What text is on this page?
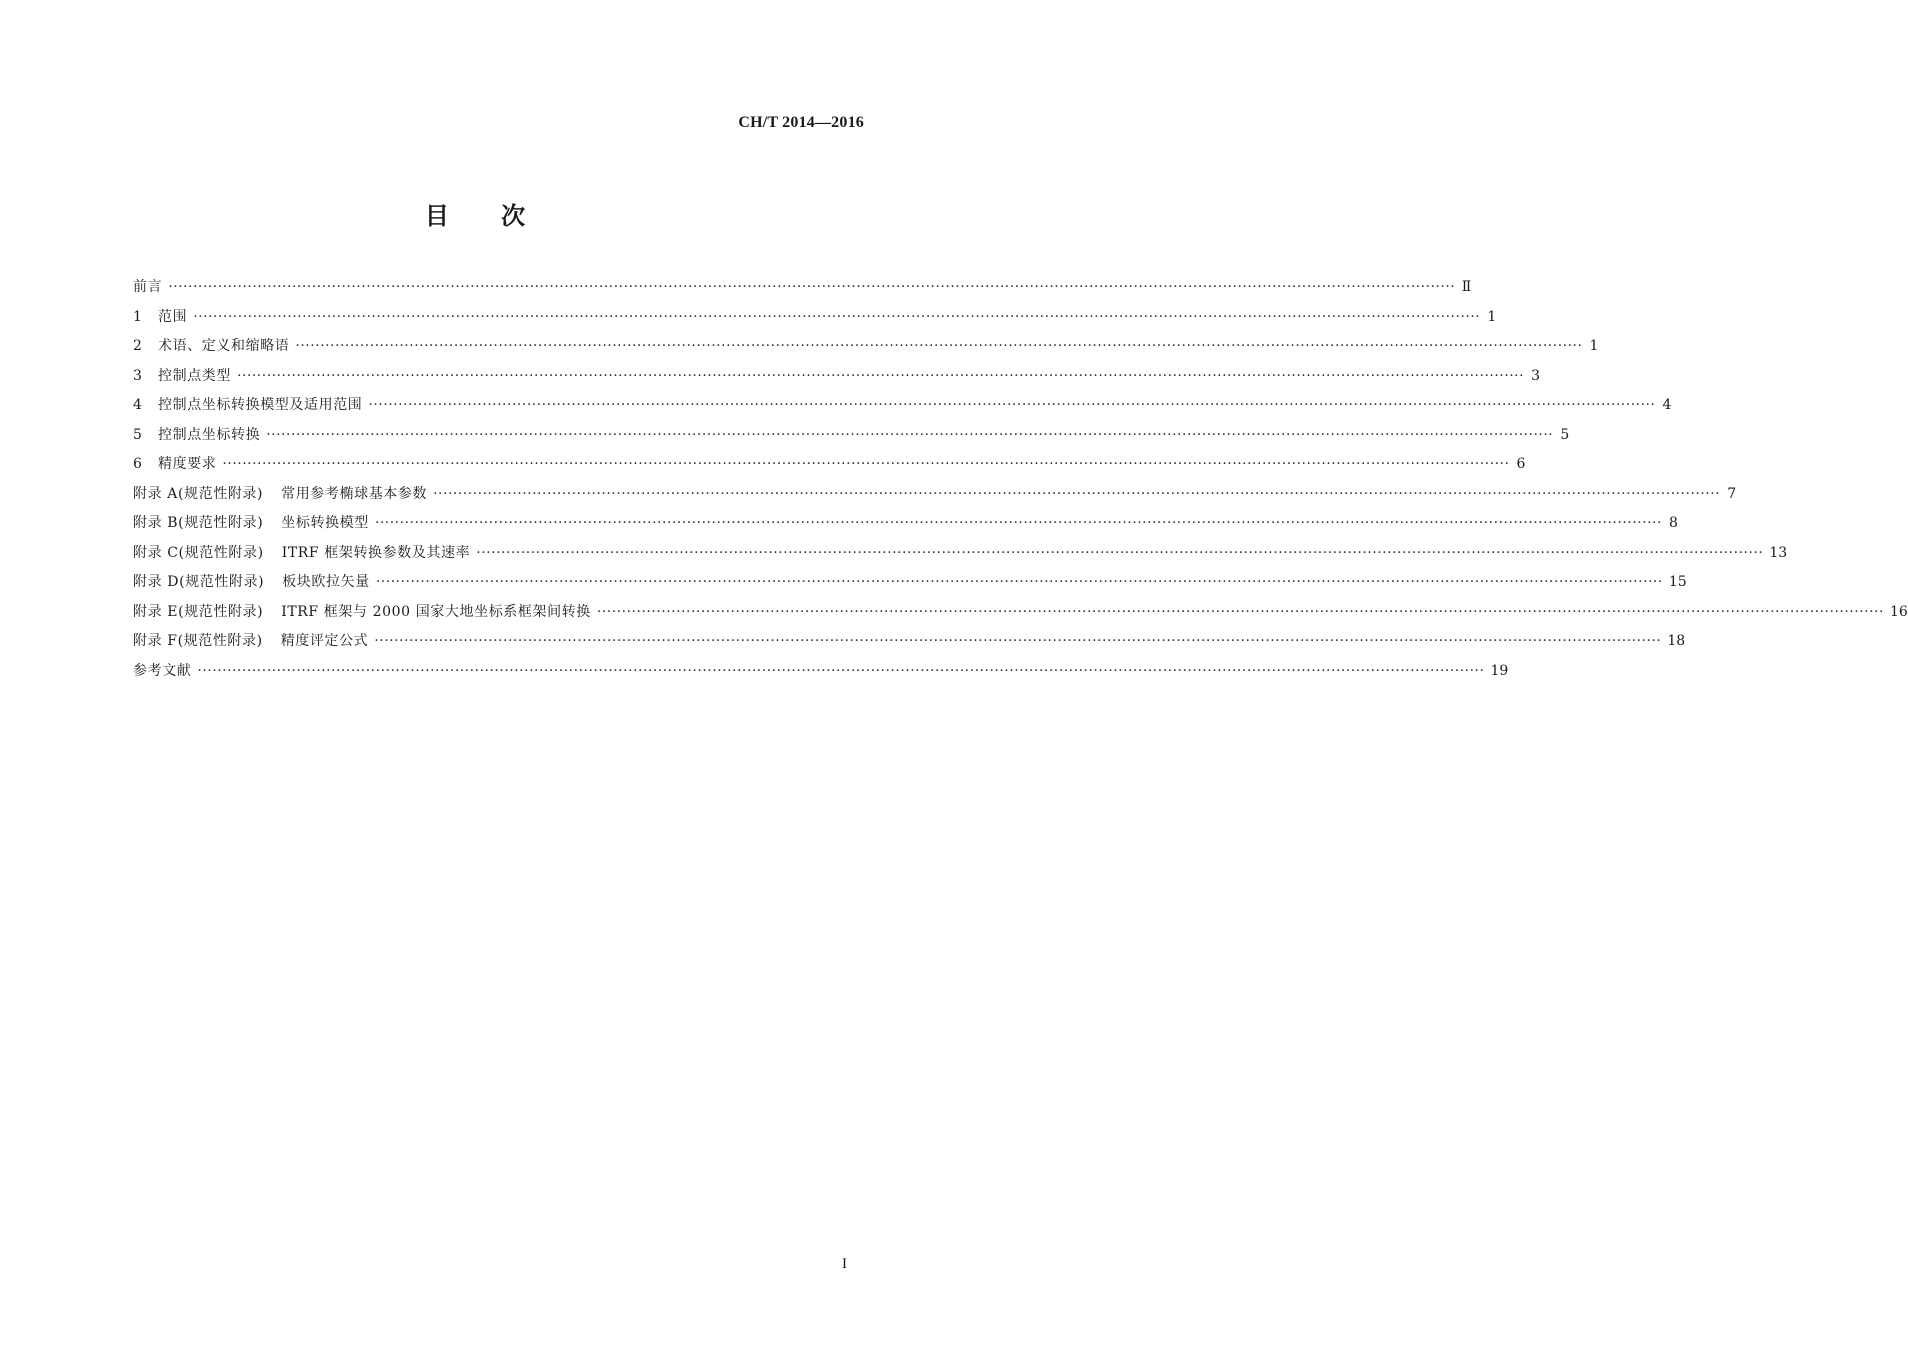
CH/T 2014—2016
目 次
前言 ···································································································································································································································································· Ⅱ
1	范围 ···································································································································································································································································· 1
2	术语、定义和缩略语 ···································································································································································································································································· 1
3	控制点类型 ···································································································································································································································································· 3
4	控制点坐标转换模型及适用范围 ···································································································································································································································································· 4
5	控制点坐标转换 ···································································································································································································································································· 5
6	精度要求 ···································································································································································································································································· 6
附录 A(规范性附录) 常用参考椭球基本参数 ···································································································································································································································································· 7
附录 B(规范性附录) 坐标转换模型 ···································································································································································································································································· 8
附录 C(规范性附录) ITRF 框架转换参数及其速率 ···································································································································································································································································· 13
附录 D(规范性附录) 板块欧拉矢量 ···································································································································································································································································· 15
附录 E(规范性附录) ITRF 框架与 2000 国家大地坐标系框架间转换 ···································································································································································································································································· 16
附录 F(规范性附录) 精度评定公式 ···································································································································································································································································· 18
参考文献 ···································································································································································································································································· 19
I
